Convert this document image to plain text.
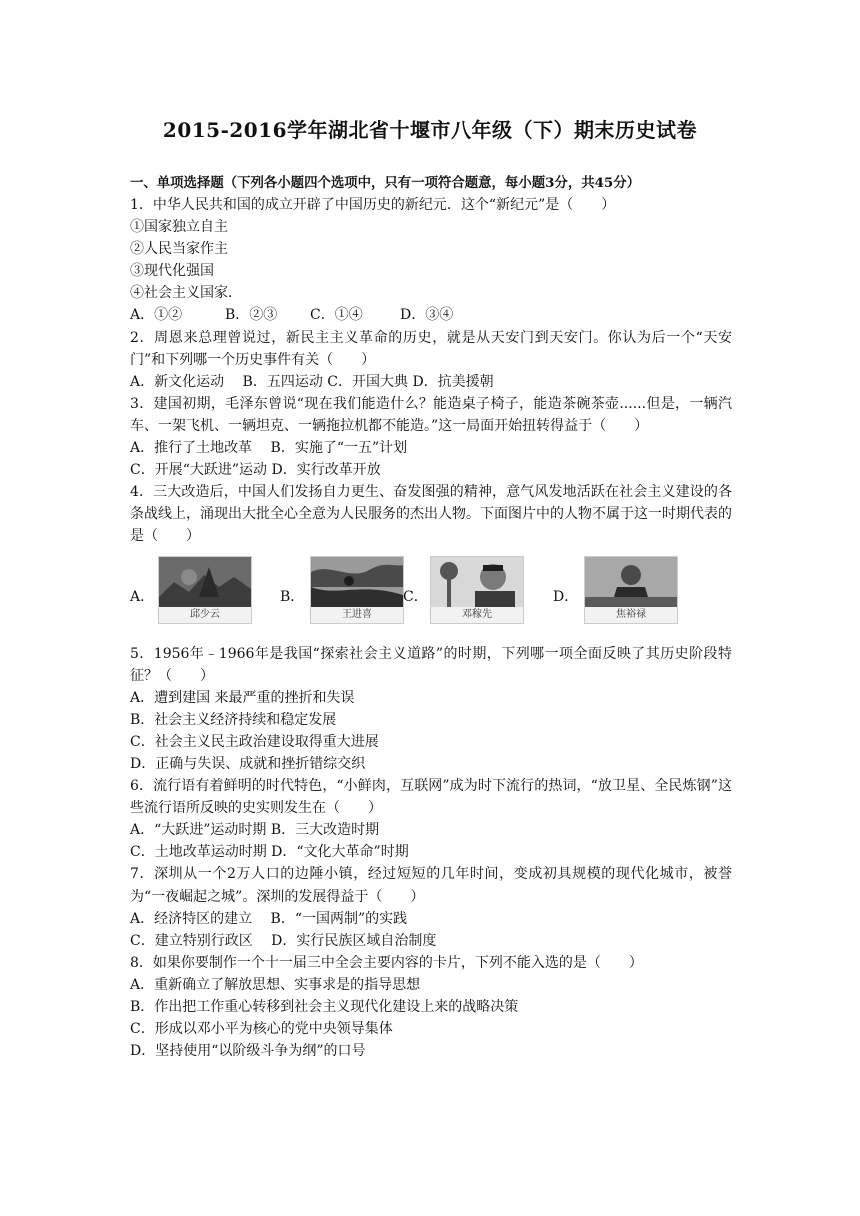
2015-2016学年湖北省十堰市八年级（下）期末历史试卷
一、单项选择题（下列各小题四个选项中，只有一项符合题意，每小题3分，共45分）
1．中华人民共和国的成立开辟了中国历史的新纪元．这个“新纪元”是（　　）
①国家独立自主
②人民当家作主
③现代化强国
④社会主义国家．
A．①②	B．②③ C．①④	D．③④
2．周恩来总理曾说过，新民主主义革命的历史，就是从天安门到天安门。你认为后一个“天安门”和下列哪一个历史事件有关（　　）
A．新文化运动　 B．五四运动 C．开国大典 D．抗美援朝
3．建国初期，毛泽东曾说“现在我们能造什么？能造桌子椅子，能造茶碗茶壶......但是，一辆汽车、一架飞机、一辆坦克、一辆拖拉机都不能造。”这一局面开始扭转得益于（　　）
A．推行了土地改革　 B．实施了“一五”计划
C．开展“大跃进”运动 D．实行改革开放
4．三大改造后，中国人们发扬自力更生、奋发图强的精神，意气风发地活跃在社会主义建设的各条战线上，涌现出大批全心全意为人民服务的杰出人物。下面图片中的人物不属于这一时期代表的是（　　）
A．
邱少云
B．
王进喜
C．
邓稼先
D．
焦裕禄
5．1956年﹣1966年是我国“探索社会主义道路”的时期，下列哪一项全面反映了其历史阶段特征？（　　）
A．遭到建国 来最严重的挫折和失误
B．社会主义经济持续和稳定发展
C．社会主义民主政治建设取得重大进展
D．正确与失误、成就和挫折错综交织
6．流行语有着鲜明的时代特色，“小鲜肉，互联网”成为时下流行的热词，“放卫星、全民炼钢”这些流行语所反映的史实则发生在（　　）
A．“大跃进”运动时期 B．三大改造时期
C．土地改革运动时期 D．“文化大革命”时期
7．深圳从一个2万人口的边陲小镇，经过短短的几年时间，变成初具规模的现代化城市，被誉为“一夜崛起之城”。深圳的发展得益于（　　）
A．经济特区的建立　 B．“一国两制”的实践
C．建立特别行政区　 D．实行民族区域自治制度
8．如果你要制作一个十一届三中全会主要内容的卡片，下列不能入选的是（　　）
A．重新确立了解放思想、实事求是的指导思想
B．作出把工作重心转移到社会主义现代化建设上来的战略决策
C．形成以邓小平为核心的党中央领导集体
D．坚持使用“以阶级斗争为纲”的口号
